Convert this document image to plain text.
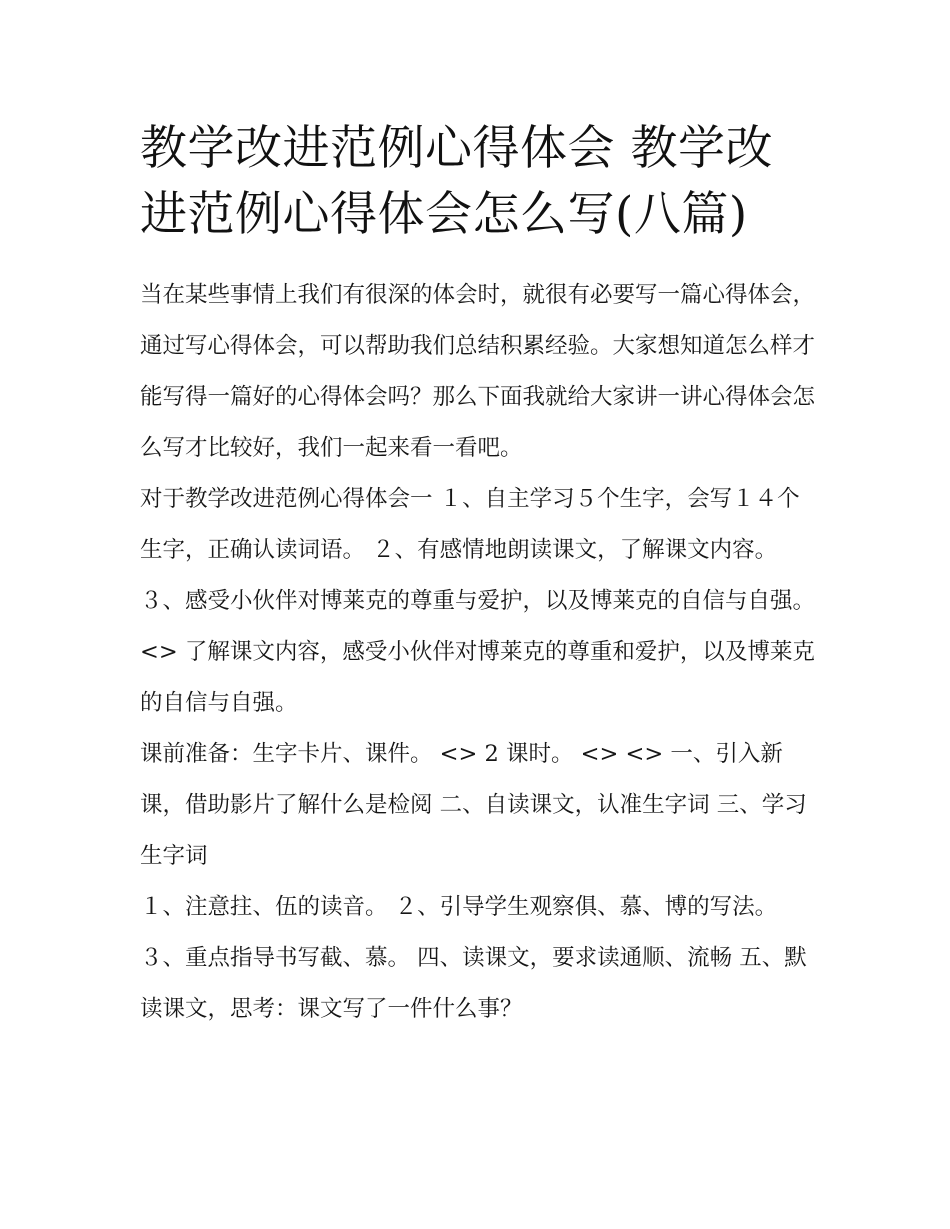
教学改进范例心得体会 教学改进范例心得体会怎么写(八篇)

当在某些事情上我们有很深的体会时，就很有必要写一篇心得体会，通过写心得体会，可以帮助我们总结积累经验。大家想知道怎么样才能写得一篇好的心得体会吗？那么下面我就给大家讲一讲心得体会怎么写才比较好，我们一起来看一看吧。

对于教学改进范例心得体会一 １、自主学习５个生字，会写１４个生字，正确认读词语。 ２、有感情地朗读课文，了解课文内容。

３、感受小伙伴对博莱克的尊重与爱护，以及博莱克的自信与自强。 <> 了解课文内容，感受小伙伴对博莱克的尊重和爱护，以及博莱克的自信与自强。

课前准备：生字卡片、课件。 <> 2 课时。 <> <> 一、引入新课，借助影片了解什么是检阅 二、自读课文，认准生字词 三、学习生字词

１、注意拄、伍的读音。 ２、引导学生观察俱、慕、博的写法。 ３、重点指导书写截、慕。 四、读课文，要求读通顺、流畅 五、默读课文，思考：课文写了一件什么事？
